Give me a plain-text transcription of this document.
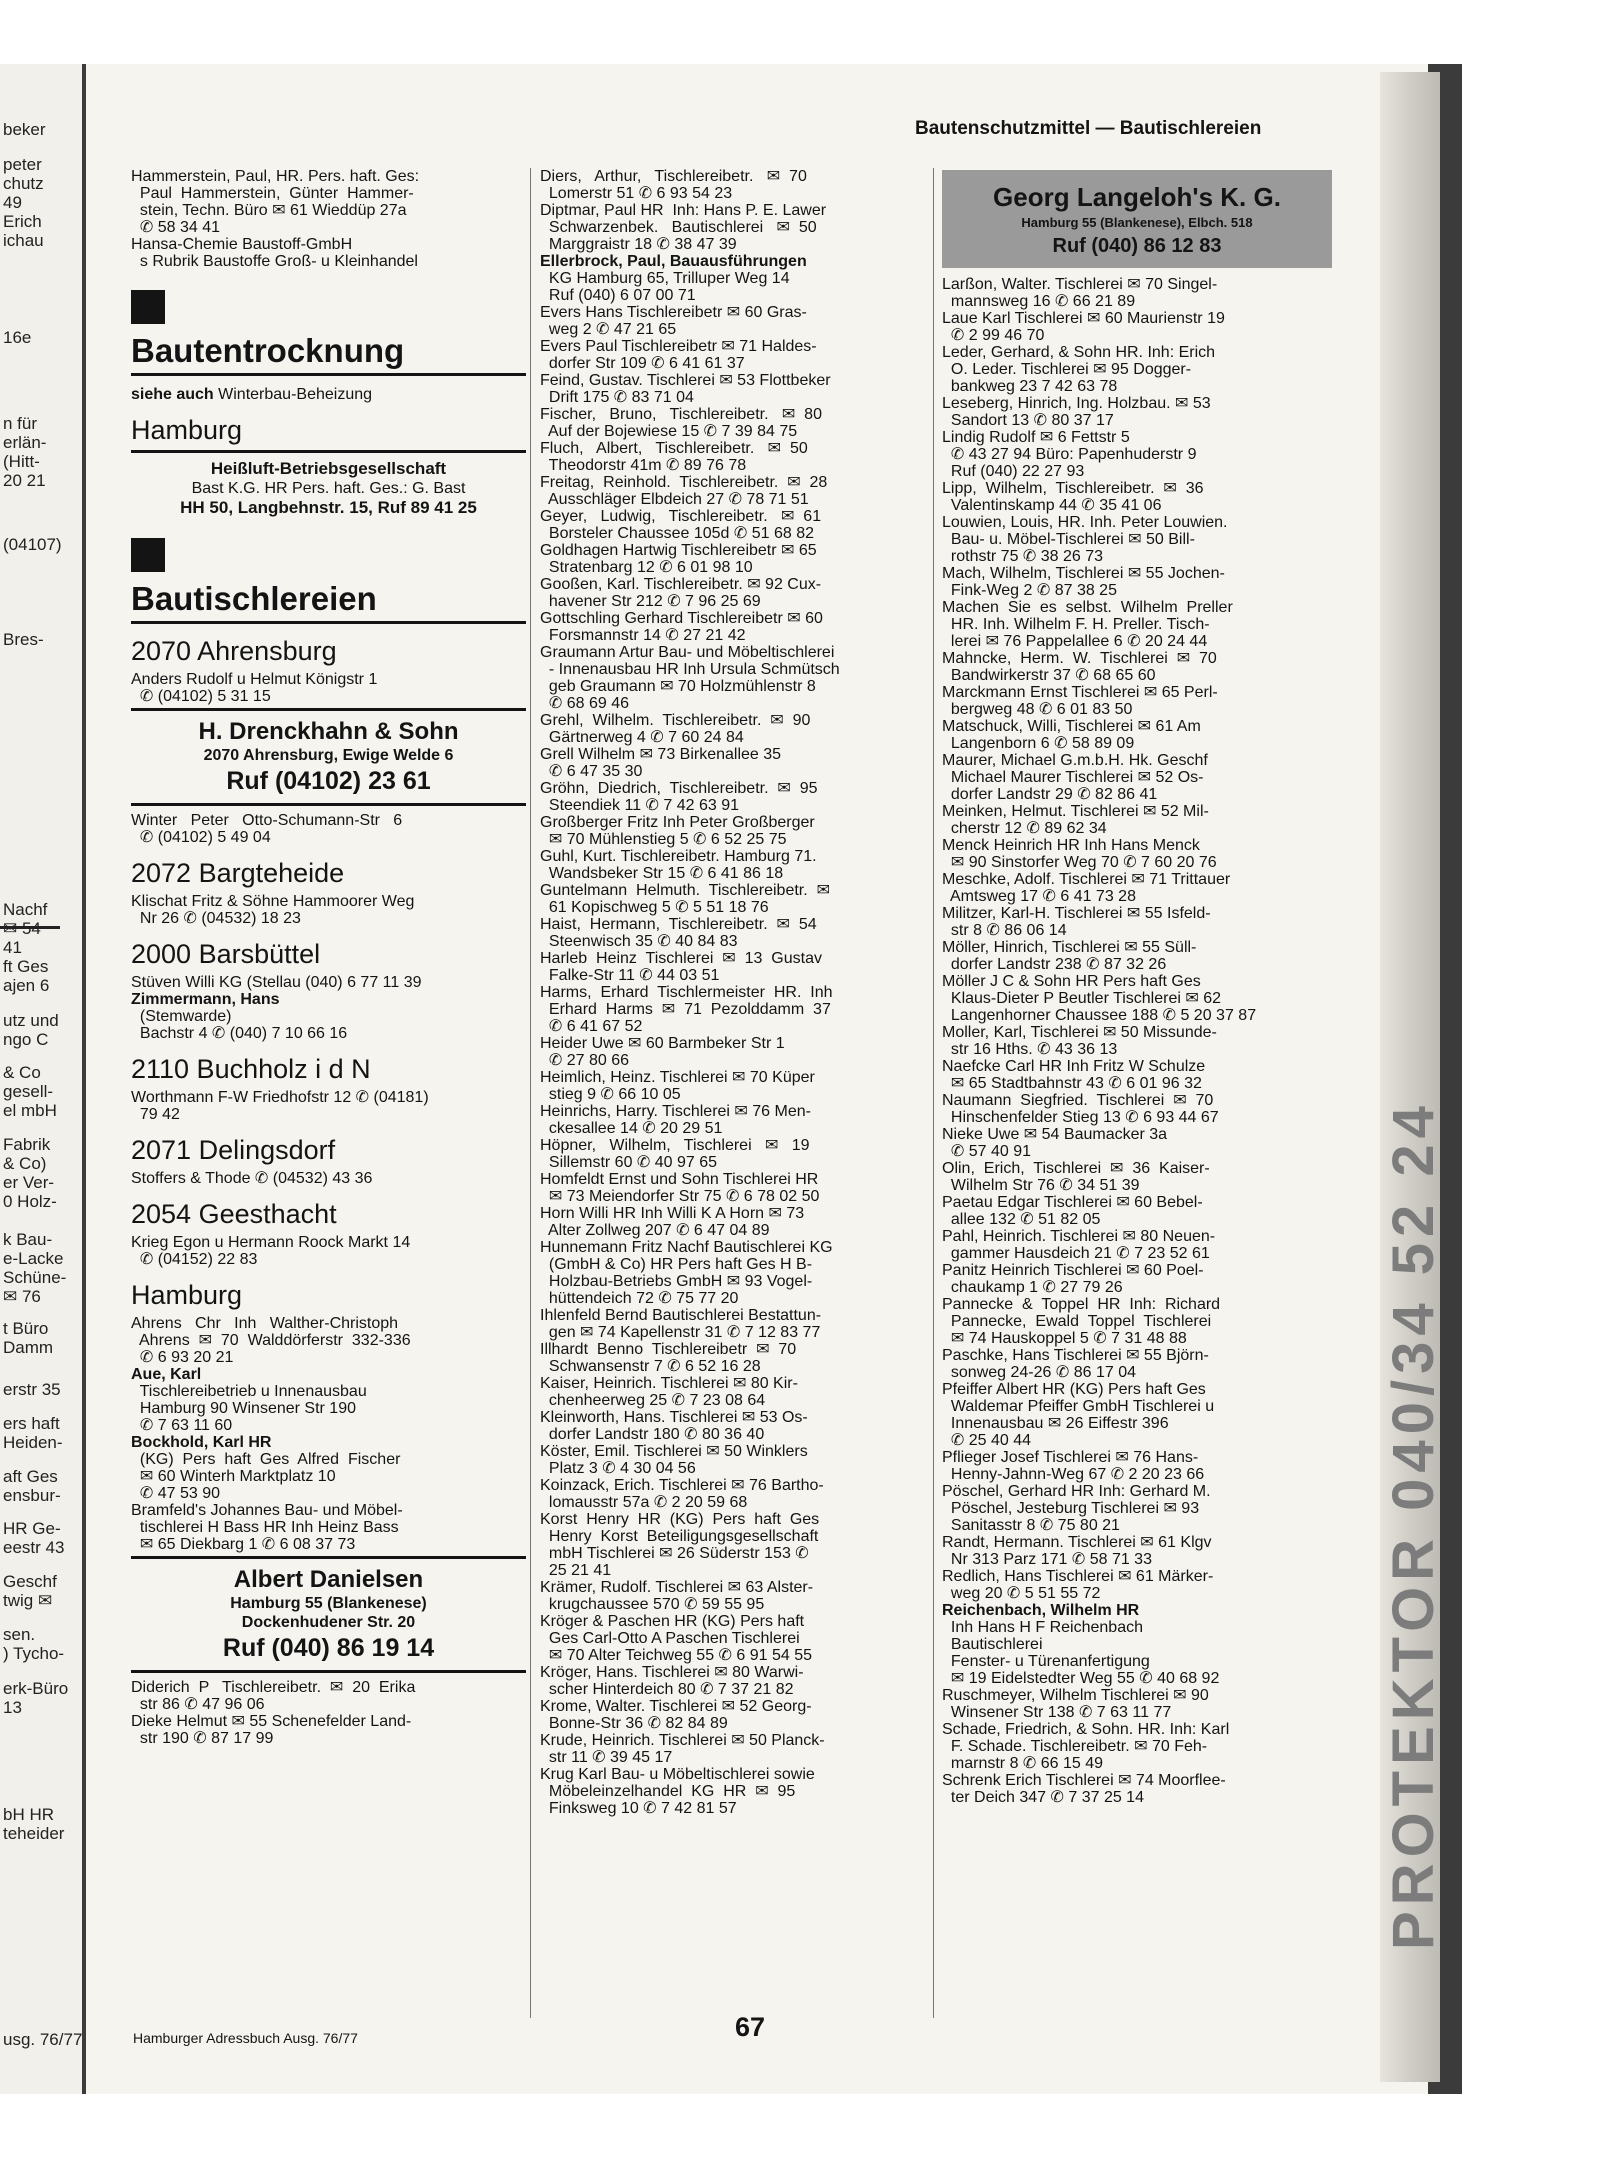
beker
peter
chutz
49
Erich
ichau
16e
n für
erlän-
(Hitt-
20 21
(04107)
Bres-
Nachf
41
ft Ges
ajen 6
utz und
ngo C
& Co
gesell-
el mbH
Fabrik
& Co)
er Ver-
0 Holz-
k Bau-
e-Lacke
Schüne-
✉ 76
t Büro
Damm
erstr 35
ers haft
Heiden-
aft Ges
ensbur-
HR Ge-
eestr 43
Geschf
twig ✉
sen.
) Tycho-
erk-Büro
13
bH HR
teheider
usg. 76/77
PROTEKTOR 040/34 52 24
Bautenschutzmittel — Bautischlereien
Hammerstein, Paul, HR. Pers. haft. Ges:
Paul  Hammerstein,  Günter  Hammer-
stein, Techn. Büro ✉ 61 Wieddüp 27a
✆ 58 34 41
Hansa-Chemie Baustoff-GmbH
s Rubrik Baustoffe Groß- u Kleinhandel
Bautentrocknung
siehe auch Winterbau-Beheizung
Hamburg
Heißluft-Betriebsgesellschaft
Bast K.G. HR Pers. haft. Ges.: G. Bast
HH 50, Langbehnstr. 15, Ruf 89 41 25
Bautischlereien
2070 Ahrensburg
Anders Rudolf u Helmut Königstr 1
✆ (04102) 5 31 15
H. Drenckhahn & Sohn
2070 Ahrensburg, Ewige Welde 6
Ruf (04102) 23 61
Winter   Peter   Otto-Schumann-Str   6
✆ (04102) 5 49 04
2072 Bargteheide
Klischat Fritz & Söhne Hammoorer Weg
Nr 26 ✆ (04532) 18 23
2000 Barsbüttel
Stüven Willi KG (Stellau (040) 6 77 11 39
Zimmermann, Hans
(Stemwarde)
Bachstr 4 ✆ (040) 7 10 66 16
2110 Buchholz i d N
Worthmann F-W Friedhofstr 12 ✆ (04181)
79 42
2071 Delingsdorf
Stoffers & Thode ✆ (04532) 43 36
2054 Geesthacht
Krieg Egon u Hermann Roock Markt 14
✆ (04152) 22 83
Hamburg
Ahrens   Chr   Inh   Walther-Christoph
Ahrens  ✉  70  Walddörferstr  332-336
✆ 6 93 20 21
Aue, Karl
Tischlereibetrieb u Innenausbau
Hamburg 90 Winsener Str 190
✆ 7 63 11 60
Bockhold, Karl HR
(KG)  Pers  haft  Ges  Alfred  Fischer
✉ 60 Winterh Marktplatz 10
✆ 47 53 90
Bramfeld's Johannes Bau- und Möbel-
tischlerei H Bass HR Inh Heinz Bass
✉ 65 Diekbarg 1 ✆ 6 08 37 73
Albert Danielsen
Hamburg 55 (Blankenese)
Dockenhudener Str. 20
Ruf (040) 86 19 14
Diderich  P   Tischlereibetr.  ✉  20  Erika
str 86 ✆ 47 96 06
Dieke Helmut ✉ 55 Schenefelder Land-
str 190 ✆ 87 17 99
Diers,   Arthur,   Tischlereibetr.   ✉  70
Lomerstr 51 ✆ 6 93 54 23
Diptmar, Paul HR  Inh: Hans P. E. Lawer
Schwarzenbek.   Bautischlerei   ✉  50
Marggraistr 18 ✆ 38 47 39
Ellerbrock, Paul, Bauausführungen
KG Hamburg 65, Trilluper Weg 14
Ruf (040) 6 07 00 71
Evers Hans Tischlereibetr ✉ 60 Gras-
weg 2 ✆ 47 21 65
Evers Paul Tischlereibetr ✉ 71 Haldes-
dorfer Str 109 ✆ 6 41 61 37
Feind, Gustav. Tischlerei ✉ 53 Flottbeker
Drift 175 ✆ 83 71 04
Fischer,   Bruno,   Tischlereibetr.   ✉  80
Auf der Bojewiese 15 ✆ 7 39 84 75
Fluch,   Albert,   Tischlereibetr.   ✉  50
Theodorstr 41m ✆ 89 76 78
Freitag,  Reinhold.  Tischlereibetr.  ✉  28
Ausschläger Elbdeich 27 ✆ 78 71 51
Geyer,   Ludwig,   Tischlereibetr.   ✉  61
Borsteler Chaussee 105d ✆ 51 68 82
Goldhagen Hartwig Tischlereibetr ✉ 65
Stratenbarg 12 ✆ 6 01 98 10
Gooßen, Karl. Tischlereibetr. ✉ 92 Cux-
havener Str 212 ✆ 7 96 25 69
Gottschling Gerhard Tischlereibetr ✉ 60
Forsmannstr 14 ✆ 27 21 42
Graumann Artur Bau- und Möbeltischlerei
- Innenausbau HR Inh Ursula Schmütsch
geb Graumann ✉ 70 Holzmühlenstr 8
✆ 68 69 46
Grehl,  Wilhelm.  Tischlereibetr.  ✉  90
Gärtnerweg 4 ✆ 7 60 24 84
Grell Wilhelm ✉ 73 Birkenallee 35
✆ 6 47 35 30
Gröhn,  Diedrich,  Tischlereibetr.  ✉  95
Steendiek 11 ✆ 7 42 63 91
Großberger Fritz Inh Peter Großberger
✉ 70 Mühlenstieg 5 ✆ 6 52 25 75
Guhl, Kurt. Tischlereibetr. Hamburg 71.
Wandsbeker Str 15 ✆ 6 41 86 18
Guntelmann  Helmuth.  Tischlereibetr.  ✉
61 Kopischweg 5 ✆ 5 51 18 76
Haist,  Hermann,  Tischlereibetr.  ✉  54
Steenwisch 35 ✆ 40 84 83
Harleb  Heinz  Tischlerei  ✉  13  Gustav
Falke-Str 11 ✆ 44 03 51
Harms,  Erhard  Tischlermeister  HR.  Inh
Erhard  Harms  ✉  71  Pezolddamm  37
✆ 6 41 67 52
Heider Uwe ✉ 60 Barmbeker Str 1
✆ 27 80 66
Heimlich, Heinz. Tischlerei ✉ 70 Küper
stieg 9 ✆ 66 10 05
Heinrichs, Harry. Tischlerei ✉ 76 Men-
ckesallee 14 ✆ 20 29 51
Höpner,   Wilhelm,   Tischlerei   ✉   19
Sillemstr 60 ✆ 40 97 65
Homfeldt Ernst und Sohn Tischlerei HR
✉ 73 Meiendorfer Str 75 ✆ 6 78 02 50
Horn Willi HR Inh Willi K A Horn ✉ 73
Alter Zollweg 207 ✆ 6 47 04 89
Hunnemann Fritz Nachf Bautischlerei KG
(GmbH & Co) HR Pers haft Ges H B-
Holzbau-Betriebs GmbH ✉ 93 Vogel-
hüttendeich 72 ✆ 75 77 20
Ihlenfeld Bernd Bautischlerei Bestattun-
gen ✉ 74 Kapellenstr 31 ✆ 7 12 83 77
Illhardt  Benno  Tischlereibetr  ✉  70
Schwansenstr 7 ✆ 6 52 16 28
Kaiser, Heinrich. Tischlerei ✉ 80 Kir-
chenheerweg 25 ✆ 7 23 08 64
Kleinworth, Hans. Tischlerei ✉ 53 Os-
dorfer Landstr 180 ✆ 80 36 40
Köster, Emil. Tischlerei ✉ 50 Winklers
Platz 3 ✆ 4 30 04 56
Koinzack, Erich. Tischlerei ✉ 76 Bartho-
lomausstr 57a ✆ 2 20 59 68
Korst  Henry  HR  (KG)  Pers  haft  Ges
Henry  Korst  Beteiligungsgesellschaft
mbH Tischlerei ✉ 26 Süderstr 153 ✆
25 21 41
Krämer, Rudolf. Tischlerei ✉ 63 Alster-
krugchaussee 570 ✆ 59 55 95
Kröger & Paschen HR (KG) Pers haft
Ges Carl-Otto A Paschen Tischlerei
✉ 70 Alter Teichweg 55 ✆ 6 91 54 55
Kröger, Hans. Tischlerei ✉ 80 Warwi-
scher Hinterdeich 80 ✆ 7 37 21 82
Krome, Walter. Tischlerei ✉ 52 Georg-
Bonne-Str 36 ✆ 82 84 89
Krude, Heinrich. Tischlerei ✉ 50 Planck-
str 11 ✆ 39 45 17
Krug Karl Bau- u Möbeltischlerei sowie
Möbeleinzelhandel  KG  HR  ✉  95
Finksweg 10 ✆ 7 42 81 57
Georg Langeloh's K. G.
Hamburg 55 (Blankenese), Elbch. 518
Ruf (040) 86 12 83
Larßon, Walter. Tischlerei ✉ 70 Singel-
mannsweg 16 ✆ 66 21 89
Laue Karl Tischlerei ✉ 60 Maurienstr 19
✆ 2 99 46 70
Leder, Gerhard, & Sohn HR. Inh: Erich
O. Leder. Tischlerei ✉ 95 Dogger-
bankweg 23 7 42 63 78
Leseberg, Hinrich, Ing. Holzbau. ✉ 53
Sandort 13 ✆ 80 37 17
Lindig Rudolf ✉ 6 Fettstr 5
✆ 43 27 94 Büro: Papenhuderstr 9
Ruf (040) 22 27 93
Lipp,  Wilhelm,  Tischlereibetr.  ✉  36
Valentinskamp 44 ✆ 35 41 06
Louwien, Louis, HR. Inh. Peter Louwien.
Bau- u. Möbel-Tischlerei ✉ 50 Bill-
rothstr 75 ✆ 38 26 73
Mach, Wilhelm, Tischlerei ✉ 55 Jochen-
Fink-Weg 2 ✆ 87 38 25
Machen  Sie  es  selbst.  Wilhelm  Preller
HR. Inh. Wilhelm F. H. Preller. Tisch-
lerei ✉ 76 Pappelallee 6 ✆ 20 24 44
Mahncke,  Herm.  W.  Tischlerei  ✉  70
Bandwirkerstr 37 ✆ 68 65 60
Marckmann Ernst Tischlerei ✉ 65 Perl-
bergweg 48 ✆ 6 01 83 50
Matschuck, Willi, Tischlerei ✉ 61 Am
Langenborn 6 ✆ 58 89 09
Maurer, Michael G.m.b.H. Hk. Geschf
Michael Maurer Tischlerei ✉ 52 Os-
dorfer Landstr 29 ✆ 82 86 41
Meinken, Helmut. Tischlerei ✉ 52 Mil-
cherstr 12 ✆ 89 62 34
Menck Heinrich HR Inh Hans Menck
✉ 90 Sinstorfer Weg 70 ✆ 7 60 20 76
Meschke, Adolf. Tischlerei ✉ 71 Trittauer
Amtsweg 17 ✆ 6 41 73 28
Militzer, Karl-H. Tischlerei ✉ 55 Isfeld-
str 8 ✆ 86 06 14
Möller, Hinrich, Tischlerei ✉ 55 Süll-
dorfer Landstr 238 ✆ 87 32 26
Möller J C & Sohn HR Pers haft Ges
Klaus-Dieter P Beutler Tischlerei ✉ 62
Langenhorner Chaussee 188 ✆ 5 20 37 87
Moller, Karl, Tischlerei ✉ 50 Missunde-
str 16 Hths. ✆ 43 36 13
Naefcke Carl HR Inh Fritz W Schulze
✉ 65 Stadtbahnstr 43 ✆ 6 01 96 32
Naumann  Siegfried.  Tischlerei  ✉  70
Hinschenfelder Stieg 13 ✆ 6 93 44 67
Nieke Uwe ✉ 54 Baumacker 3a
✆ 57 40 91
Olin,  Erich,  Tischlerei  ✉  36  Kaiser-
Wilhelm Str 76 ✆ 34 51 39
Paetau Edgar Tischlerei ✉ 60 Bebel-
allee 132 ✆ 51 82 05
Pahl, Heinrich. Tischlerei ✉ 80 Neuen-
gammer Hausdeich 21 ✆ 7 23 52 61
Panitz Heinrich Tischlerei ✉ 60 Poel-
chaukamp 1 ✆ 27 79 26
Pannecke  &  Toppel  HR  Inh:  Richard
Pannecke,  Ewald  Toppel  Tischlerei
✉ 74 Hauskoppel 5 ✆ 7 31 48 88
Paschke, Hans Tischlerei ✉ 55 Björn-
sonweg 24-26 ✆ 86 17 04
Pfeiffer Albert HR (KG) Pers haft Ges
Waldemar Pfeiffer GmbH Tischlerei u
Innenausbau ✉ 26 Eiffestr 396
✆ 25 40 44
Pflieger Josef Tischlerei ✉ 76 Hans-
Henny-Jahnn-Weg 67 ✆ 2 20 23 66
Pöschel, Gerhard HR Inh: Gerhard M.
Pöschel, Jesteburg Tischlerei ✉ 93
Sanitasstr 8 ✆ 75 80 21
Randt, Hermann. Tischlerei ✉ 61 Klgv
Nr 313 Parz 171 ✆ 58 71 33
Redlich, Hans Tischlerei ✉ 61 Märker-
weg 20 ✆ 5 51 55 72
Reichenbach, Wilhelm HR
Inh Hans H F Reichenbach
Bautischlerei
Fenster- u Türenanfertigung
✉ 19 Eidelstedter Weg 55 ✆ 40 68 92
Ruschmeyer, Wilhelm Tischlerei ✉ 90
Winsener Str 138 ✆ 7 63 11 77
Schade, Friedrich, & Sohn. HR. Inh: Karl
F. Schade. Tischlereibetr. ✉ 70 Feh-
marnstr 8 ✆ 66 15 49
Schrenk Erich Tischlerei ✉ 74 Moorflee-
ter Deich 347 ✆ 7 37 25 14
67
Hamburger Adressbuch Ausg. 76/77
